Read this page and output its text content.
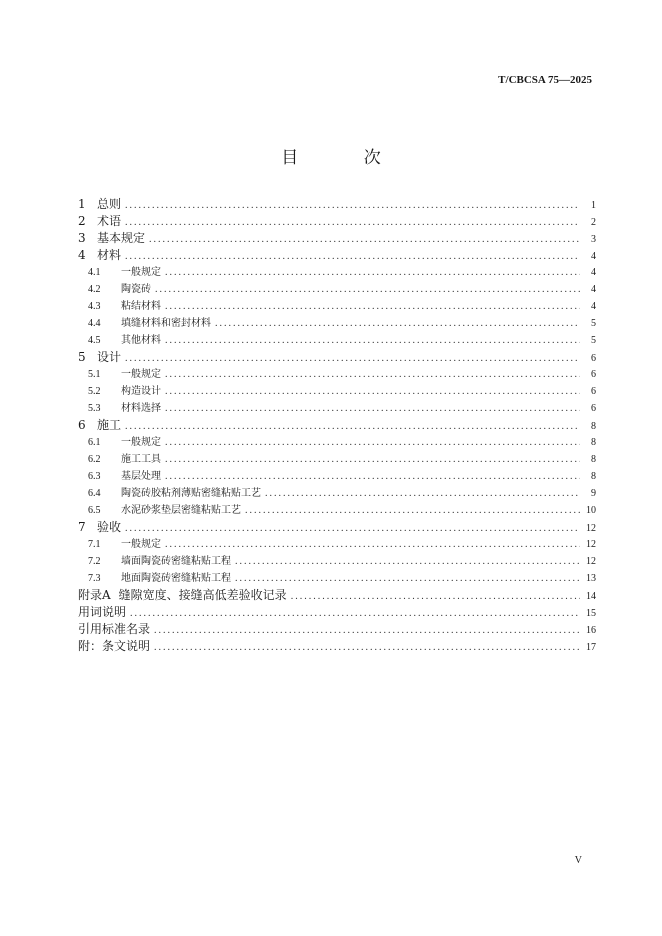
T/CBCSA 75—2025
目 次
1 总则 .....	1
2 术语 .....	2
3 基本规定 .....	3
4 材料 .....	4
4.1	一般规定 .....	4
4.2	陶瓷砖 .....	4
4.3	粘结材料 .....	4
4.4	填缝材料和密封材料 .....	5
4.5	其他材料 .....	5
5 设计 .....	6
5.1	一般规定 .....	6
5.2	构造设计 .....	6
5.3	材料选择 .....	6
6 施工 .....	8
6.1	一般规定 .....	8
6.2	施工工具 .....	8
6.3	基层处理 .....	8
6.4	陶瓷砖胶粘剂薄贴密缝粘贴工艺 .....	9
6.5	水泥砂浆垫层密缝粘贴工艺 .....	10
7 验收 .....	12
7.1	一般规定 .....	12
7.2	墙面陶瓷砖密缝粘贴工程 .....	12
7.3	地面陶瓷砖密缝粘贴工程 .....	13
附录A 缝隙宽度、接缝高低差验收记录 .....	14
用词说明 .....	15
引用标准名录 .....	16
附：条文说明 .....	17
V
